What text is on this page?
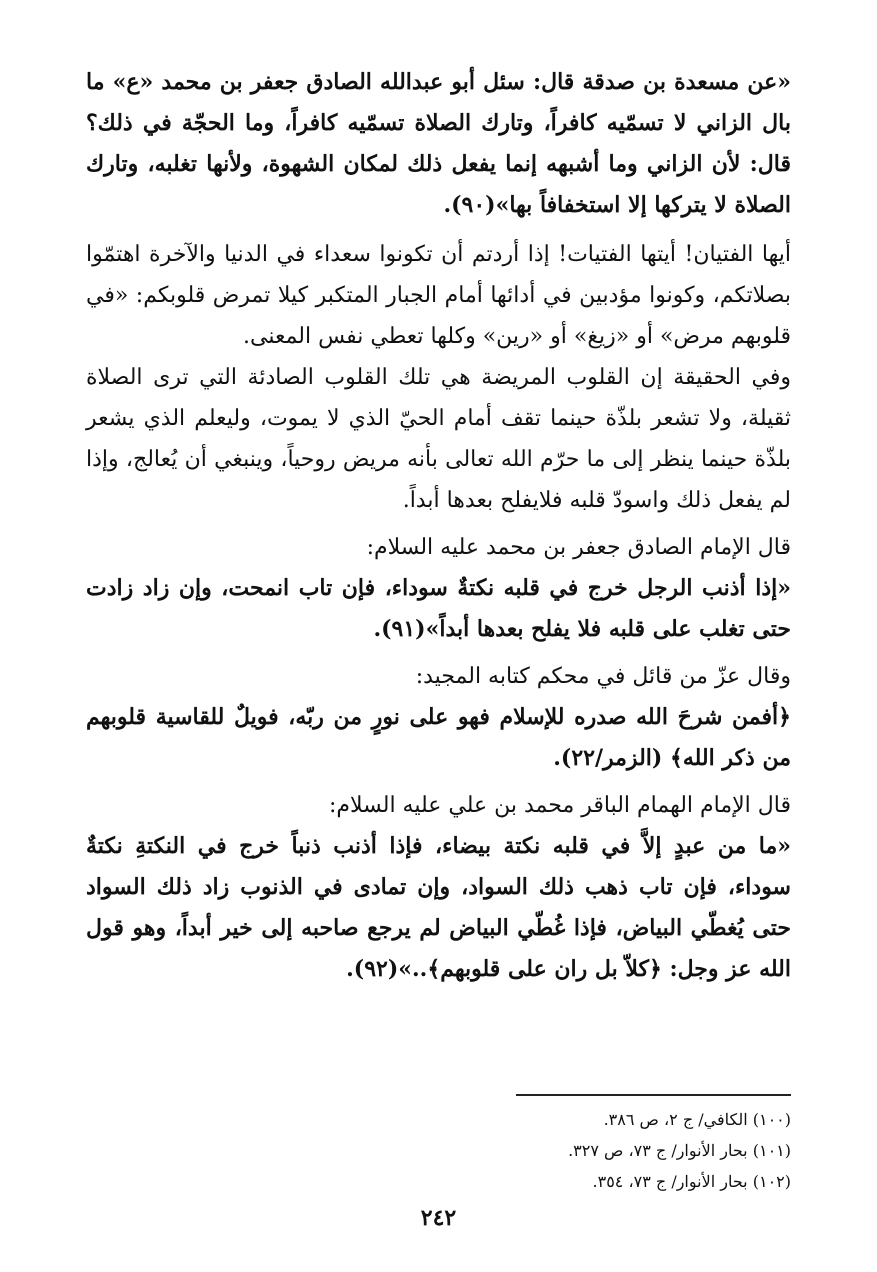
«عن مسعدة بن صدقة قال: سئل أبو عبدالله الصادق جعفر بن محمد «ع» ما بال الزاني لا تسمّيه كافراً، وتارك الصلاة تسمّيه كافراً، وما الحجّة في ذلك؟ قال: لأن الزاني وما أشبهه إنما يفعل ذلك لمكان الشهوة، ولأنها تغلبه، وتارك الصلاة لا يتركها إلا استخفافاً بها»(٩٠).

أيها الفتيان! أيتها الفتيات! إذا أردتم أن تكونوا سعداء في الدنيا والآخرة اهتمّوا بصلاتكم، وكونوا مؤدبين في أدائها أمام الجبار المتكبر كيلا تمرض قلوبكم: «في قلوبهم مرض» أو «زيغ» أو «رين» وكلها تعطي نفس المعنى.

وفي الحقيقة إن القلوب المريضة هي تلك القلوب الصادئة التي ترى الصلاة ثقيلة، ولا تشعر بلذّة حينما تقف أمام الحيّ الذي لا يموت، وليعلم الذي يشعر بلذّة حينما ينظر إلى ما حرّم الله تعالى بأنه مريض روحياً، وينبغي أن يُعالج، وإذا لم يفعل ذلك واسودّ قلبه فلايفلح بعدها أبداً.

قال الإمام الصادق جعفر بن محمد عليه السلام:

«إذا أذنب الرجل خرج في قلبه نكتةٌ سوداء، فإن تاب انمحت، وإن زاد زادت حتى تغلب على قلبه فلا يفلح بعدها أبداً»(٩١).

وقال عزّ من قائل في محكم كتابه المجيد:

﴿أفمن شرحَ الله صدره للإسلام فهو على نورٍ من ربّه، فويلٌ للقاسية قلوبهم من ذكر الله﴾ (الزمر/٢٢).

قال الإمام الهمام الباقر محمد بن علي عليه السلام:

«ما من عبدٍ إلاَّ في قلبه نكتة بيضاء، فإذا أذنب ذنباً خرج في النكتةِ نكتةٌ سوداء، فإن تاب ذهب ذلك السواد، وإن تمادى في الذنوب زاد ذلك السواد حتى يُغطّي البياض، فإذا غُطّي البياض لم يرجع صاحبه إلى خير أبداً، وهو قول الله عز وجل: ﴿كلاّ بل ران على قلوبهم﴾..»(٩٢).

(١٠٠) الكافي/ ج ٢، ص ٣٨٦.

(١٠١) بحار الأنوار/ ج ٧٣، ص ٣٢٧.

(١٠٢) بحار الأنوار/ ج ٧٣، ٣٥٤.

٢٤٢
